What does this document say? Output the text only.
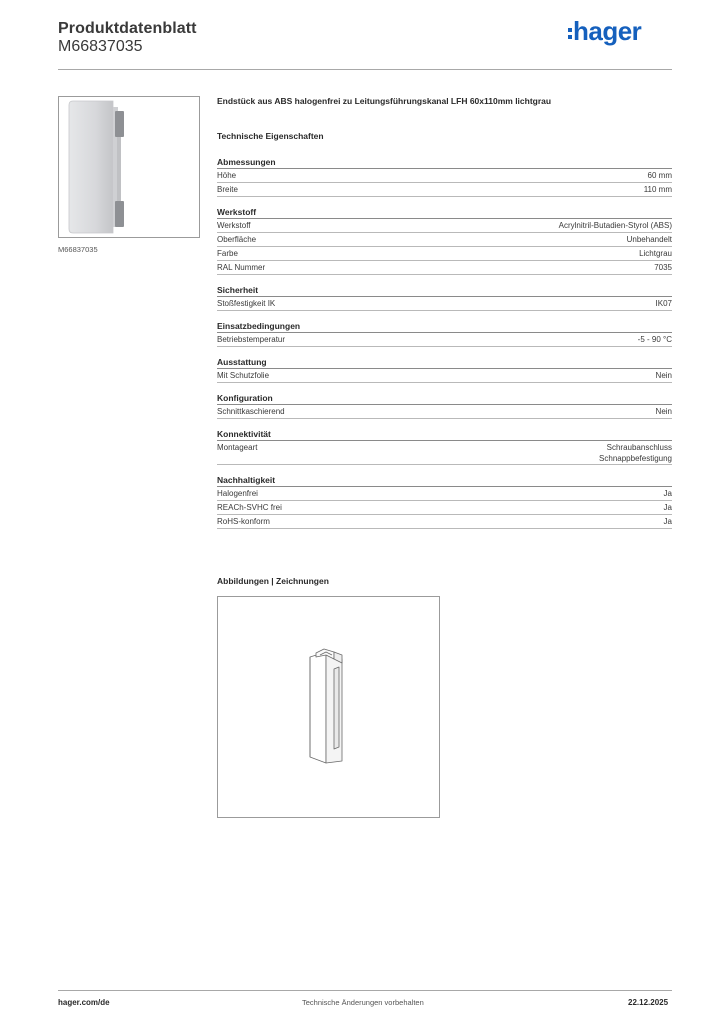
Produktdatenblatt
M66837035
hager
M66837035
Endstück aus ABS halogenfrei zu Leitungsführungskanal LFH 60x110mm lichtgrau
Technische Eigenschaften
Abmessungen
Höhe	60 mm
Breite	110 mm
Werkstoff
Werkstoff	Acrylnitril-Butadien-Styrol (ABS)
Oberfläche	Unbehandelt
Farbe	Lichtgrau
RAL Nummer	7035
Sicherheit
Stoßfestigkeit IK	IK07
Einsatzbedingungen
Betriebstemperatur	-5 - 90 °C
Ausstattung
Mit Schutzfolie	Nein
Konfiguration
Schnittkaschierend	Nein
Konnektivität
Montageart	Schraubanschluss
Schnappbefestigung
Nachhaltigkeit
Halogenfrei	Ja
REACh-SVHC frei	Ja
RoHS-konform	Ja
Abbildungen | Zeichnungen
hager.com/de	Technische Änderungen vorbehalten	22.12.2025
